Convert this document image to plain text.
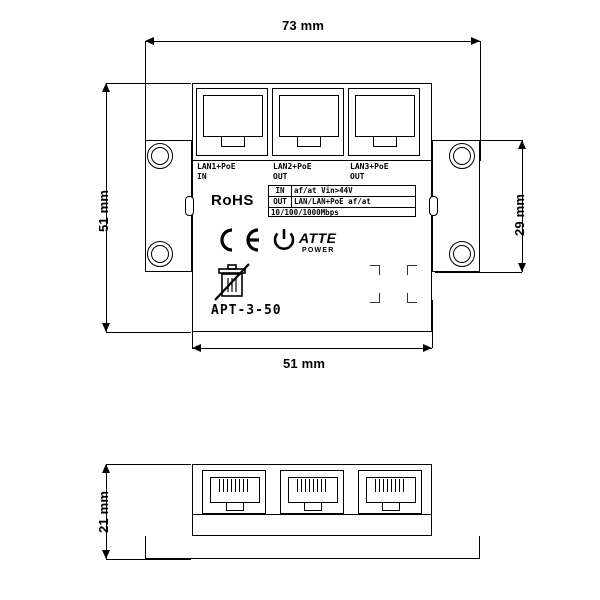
73 mm
51 mm	29 mm
51 mm
LAN1+PoE
IN
LAN2+PoE
OUT
LAN3+PoE
OUT
IN	af/at Vin>44V
OUT LAN/LAN+PoE af/at
10/100/1000Mbps
RoHS
ATTE
POWER
APT-3-50
21 mm
